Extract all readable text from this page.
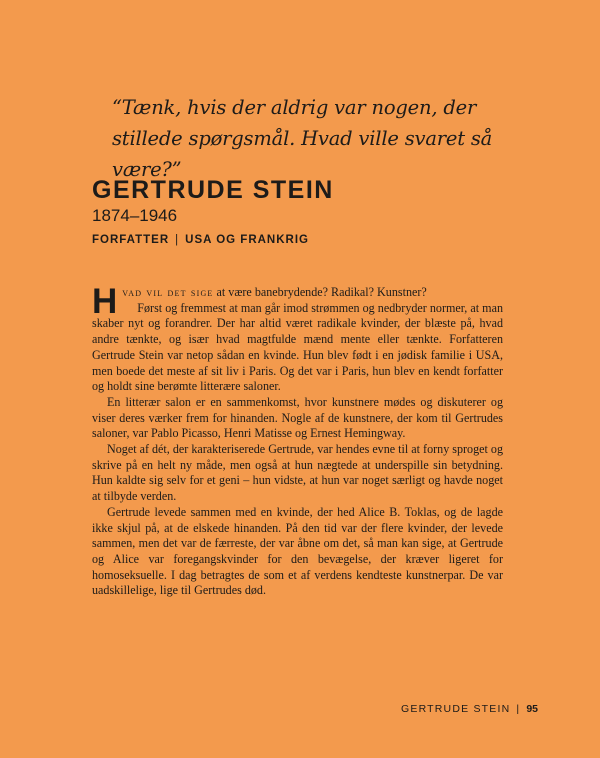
“Tænk, hvis der aldrig var nogen, der stillede spørgsmål. Hvad ville svaret så være?”
GERTRUDE STEIN
1874–1946
FORFATTER | USA OG FRANKRIG

Hvad vil det sige at være banebrydende? Radikal? Kunstner?

Først og fremmest at man går imod strømmen og nedbryder normer, at man skaber nyt og forandrer. Der har altid været radikale kvinder, der blæste på, hvad andre tænkte, og især hvad magtfulde mænd mente eller tænkte. Forfatteren Gertrude Stein var netop sådan en kvinde. Hun blev født i en jødisk familie i USA, men boede det meste af sit liv i Paris. Og det var i Paris, hun blev en kendt forfatter og holdt sine berømte litterære saloner.

En litterær salon er en sammenkomst, hvor kunstnere mødes og diskuterer og viser deres værker frem for hinanden. Nogle af de kunstnere, der kom til Gertrudes saloner, var Pablo Picasso, Henri Matisse og Ernest Hemingway.

Noget af dét, der karakteriserede Gertrude, var hendes evne til at forny sproget og skrive på en helt ny måde, men også at hun nægtede at underspille sin betydning. Hun kaldte sig selv for et geni – hun vidste, at hun var noget særligt og havde noget at tilbyde verden.

Gertrude levede sammen med en kvinde, der hed Alice B. Toklas, og de lagde ikke skjul på, at de elskede hinanden. På den tid var der flere kvinder, der levede sammen, men det var de færreste, der var åbne om det, så man kan sige, at Gertrude og Alice var foregangskvinder for den bevægelse, der kræver ligeret for homoseksuelle. I dag betragtes de som et af verdens kendteste kunstnerpar. De var uadskillelige, lige til Gertrudes død.

GERTRUDE STEIN | 95
